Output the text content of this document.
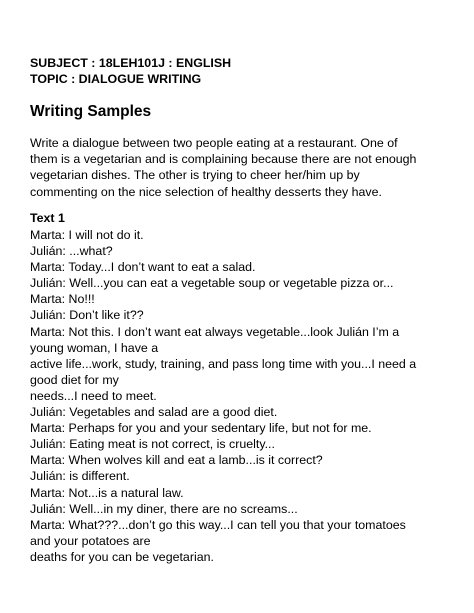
SUBJECT : 18LEH101J : ENGLISH
TOPIC : DIALOGUE WRITING
Writing Samples
Write a dialogue between two people eating at a restaurant. One of
them is a vegetarian and is complaining because there are not enough
vegetarian dishes. The other is trying to cheer her/him up by
commenting on the nice selection of healthy desserts they have.
Text 1
Marta: I will not do it.
Julián: ...what?
Marta: Today...I don’t want to eat a salad.
Julián: Well...you can eat a vegetable soup or vegetable pizza or...
Marta: No!!!
Julián: Don’t like it??
Marta: Not this. I don’t want eat always vegetable...look Julián I’m a
young woman, I have a
active life...work, study, training, and pass long time with you...I need a
good diet for my
needs...I need to meet.
Julián: Vegetables and salad are a good diet.
Marta: Perhaps for you and your sedentary life, but not for me.
Julián: Eating meat is not correct, is cruelty...
Marta: When wolves kill and eat a lamb...is it correct?
Julián: is different.
Marta: Not...is a natural law.
Julián: Well...in my diner, there are no screams...
Marta: What???...don’t go this way...I can tell you that your tomatoes
and your potatoes are
deaths for you can be vegetarian.
